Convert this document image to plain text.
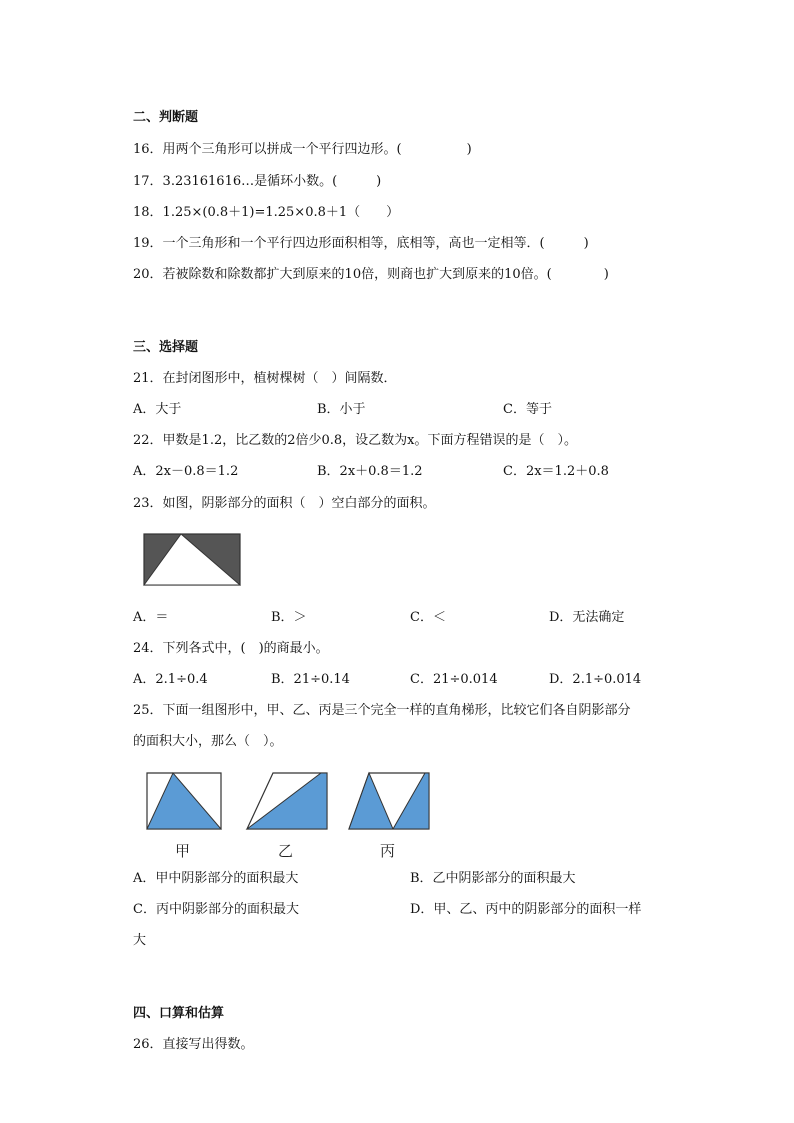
二、判断题
16．用两个三角形可以拼成一个平行四边形。(　　　　　)
17．3.23161616…是循环小数。(　　　)
18．1.25×(0.8＋1)=1.25×0.8＋1（　　）
19．一个三角形和一个平行四边形面积相等，底相等，高也一定相等．(　　　)
20．若被除数和除数都扩大到原来的10倍，则商也扩大到原来的10倍。(　　　　)
三、选择题
21．在封闭图形中，植树棵树（　）间隔数．
A．大于	B．小于	C．等于
22．甲数是1.2，比乙数的2倍少0.8，设乙数为x。下面方程错误的是（　）。
A．2x－0.8＝1.2	B．2x＋0.8＝1.2	C．2x＝1.2＋0.8
23．如图，阴影部分的面积（　）空白部分的面积。
A．＝	B．＞	C．＜	D．无法确定
24．下列各式中，(　)的商最小。
A．2.1÷0.4	B．21÷0.14	C．21÷0.014	D．2.1÷0.014
25．下面一组图形中，甲、乙、丙是三个完全一样的直角梯形，比较它们各自阴影部分
的面积大小，那么（　）。
甲	乙	丙
A．甲中阴影部分的面积最大	B．乙中阴影部分的面积最大
C．丙中阴影部分的面积最大	D．甲、乙、丙中的阴影部分的面积一样
大
四、口算和估算
26．直接写出得数。
